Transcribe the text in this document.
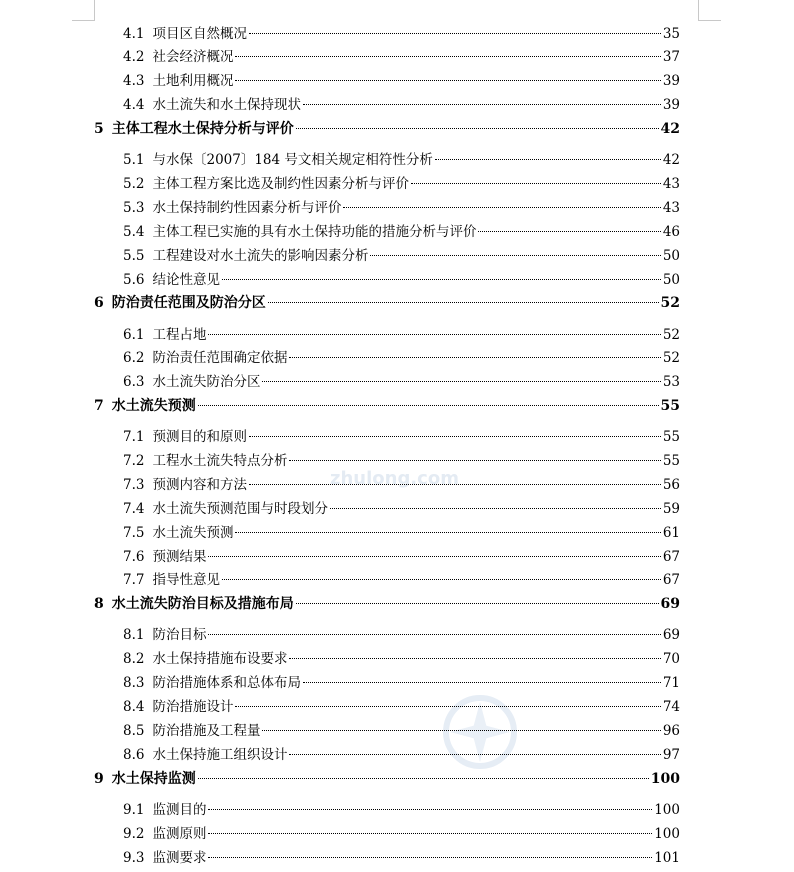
zhulong.com
4.1 项目区自然概况	35
4.2 社会经济概况	37
4.3 土地利用概况	39
4.4 水土流失和水土保持现状	39
5 主体工程水土保持分析与评价	42
5.1 与水保〔2007〕184 号文相关规定相符性分析	42
5.2 主体工程方案比选及制约性因素分析与评价	43
5.3 水土保持制约性因素分析与评价	43
5.4 主体工程已实施的具有水土保持功能的措施分析与评价	46
5.5 工程建设对水土流失的影响因素分析	50
5.6 结论性意见	50
6 防治责任范围及防治分区	52
6.1 工程占地	52
6.2 防治责任范围确定依据	52
6.3 水土流失防治分区	53
7 水土流失预测	55
7.1 预测目的和原则	55
7.2 工程水土流失特点分析	55
7.3 预测内容和方法	56
7.4 水土流失预测范围与时段划分	59
7.5 水土流失预测	61
7.6 预测结果	67
7.7 指导性意见	67
8 水土流失防治目标及措施布局	69
8.1 防治目标	69
8.2 水土保持措施布设要求	70
8.3 防治措施体系和总体布局	71
8.4 防治措施设计	74
8.5 防治措施及工程量	96
8.6 水土保持施工组织设计	97
9 水土保持监测	100
9.1 监测目的	100
9.2 监测原则	100
9.3 监测要求	101
